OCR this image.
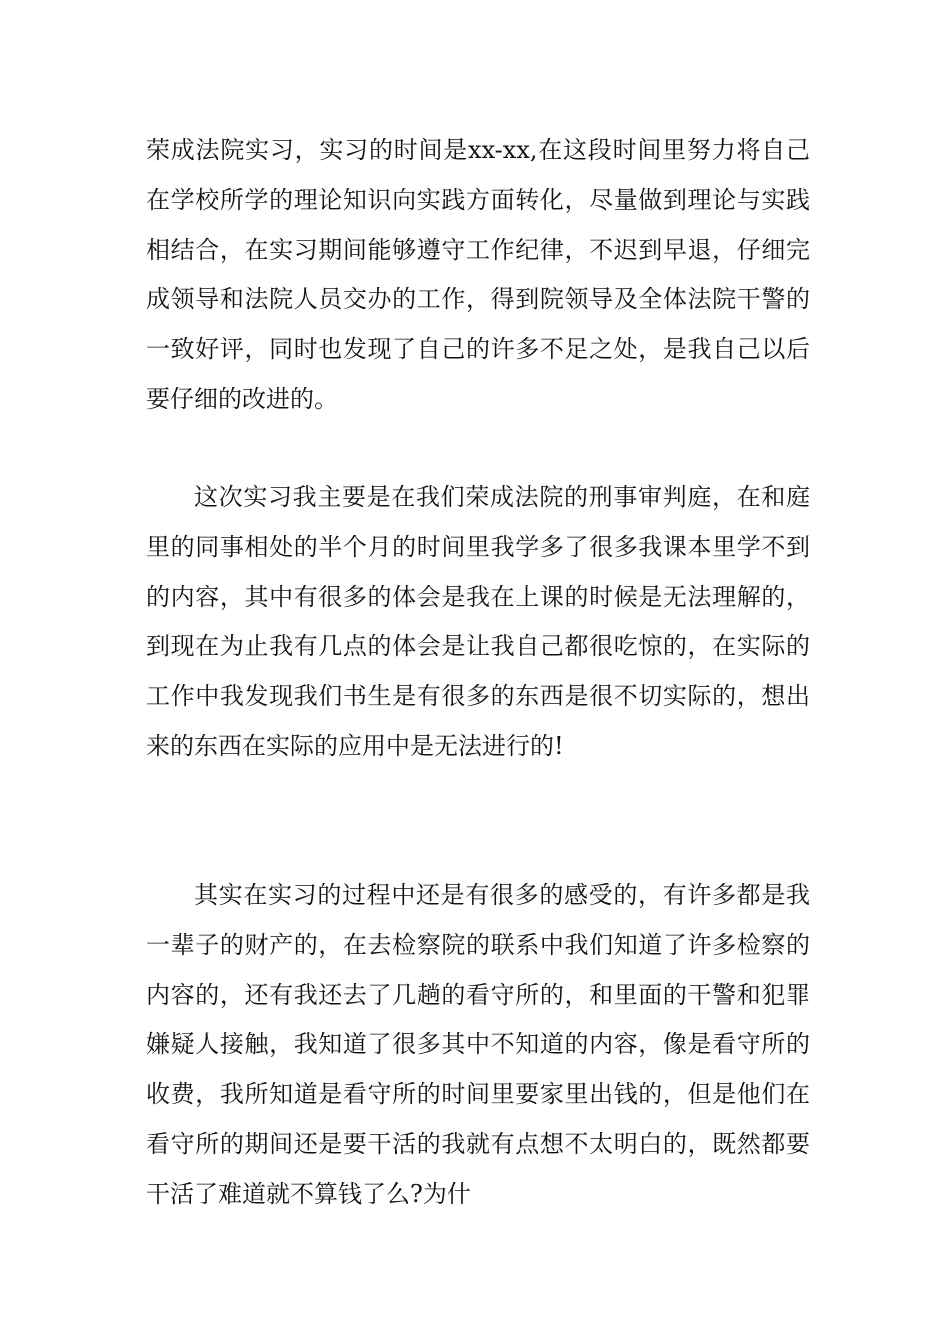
荣成法院实习，实习的时间是xx-xx,在这段时间里努力将自己在学校所学的理论知识向实践方面转化，尽量做到理论与实践相结合，在实习期间能够遵守工作纪律，不迟到早退，仔细完成领导和法院人员交办的工作，得到院领导及全体法院干警的一致好评，同时也发现了自己的许多不足之处，是我自己以后要仔细的改进的。

这次实习我主要是在我们荣成法院的刑事审判庭，在和庭里的同事相处的半个月的时间里我学多了很多我课本里学不到的内容，其中有很多的体会是我在上课的时候是无法理解的，到现在为止我有几点的体会是让我自己都很吃惊的，在实际的工作中我发现我们书生是有很多的东西是很不切实际的，想出来的东西在实际的应用中是无法进行的!

其实在实习的过程中还是有很多的感受的，有许多都是我一辈子的财产的，在去检察院的联系中我们知道了许多检察的内容的，还有我还去了几趟的看守所的，和里面的干警和犯罪嫌疑人接触，我知道了很多其中不知道的内容，像是看守所的收费，我所知道是看守所的时间里要家里出钱的，但是他们在看守所的期间还是要干活的我就有点想不太明白的，既然都要干活了难道就不算钱了么?为什
